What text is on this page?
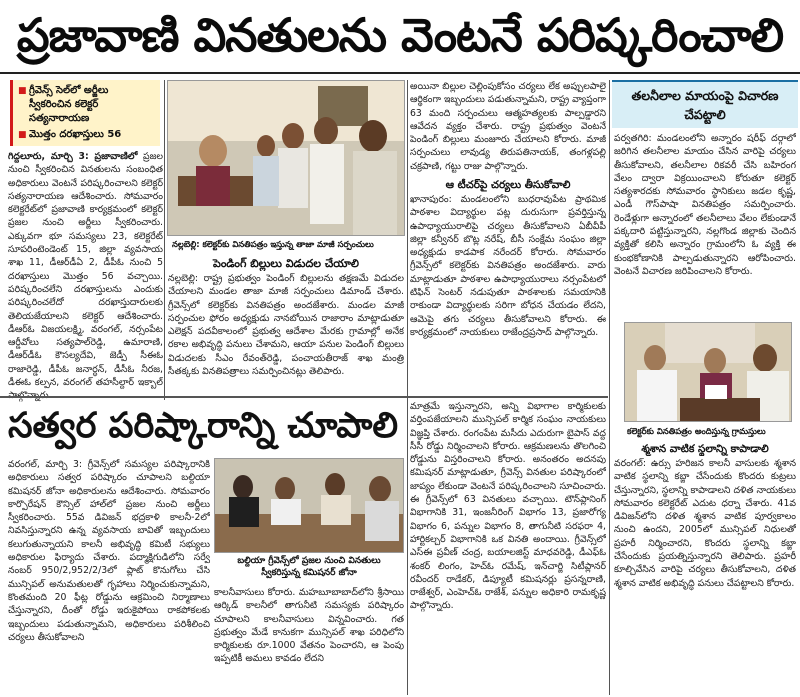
ప్రజావాణి వినతులను వెంటనే పరిష్కరించాలి
■ గ్రీవెన్స్ సెల్‌లో అర్జీలు స్వీకరించిన కలెక్టర్ సత్యనారాయణ
■ మొత్తం దరఖాస్తులు 56
గిద్దలూరు, మార్చి 3: ప్రజావాణిలో ప్రజల నుంచి స్వీకరించిన వినతులను సంబంధిత అధికారులు వెంటనే పరిష్కరించాలని కలెక్టర్ సత్యనారాయణ ఆదేశించారు. సోమవారం కలెక్టరేట్‌లో ప్రజావాణి కార్యక్రమంలో కలెక్టర్ ప్రజల నుంచి అర్జీలు స్వీకరించారు. ఎక్కువగా భూ సమస్యలు 23, కలెక్టరేట్ సూపరింటెండెంట్ 15, జిల్లా వ్యవసాయ శాఖ 11, డీఆర్‌డీఏ 2, డీపీఓ నుంచి 5 దరఖాస్తులు మొత్తం 56 వచ్చాయి. పరిష్కరించలేని దరఖాస్తులను ఎందుకు పరిష్కరించలేదో దరఖాస్తుదారులకు తెలియజేయాలని కలెక్టర్ ఆదేశించారు. డీఆర్‌ఓ విజయలక్ష్మి, వరంగల్, నర్సంపేట ఆర్డీవోలు సత్యపాల్‌రెడ్డి, ఉమారాణి, డీఆర్‌డీఓ కౌసల్యదేవి, జెడ్పీ సీఈఓ రాజారెడ్డి, డీపీఓ జనార్ధన్, డీసీఓ నీరజ, డీఈఓ కల్పన, వరంగల్ తహసీల్దార్ ఇక్బాల్
నల్లబెల్లి: కలెక్టర్‌కు వినతిపత్రం ఇస్తున్న తాజా మాజీ సర్పంచులు
పెండింగ్ బిల్లులు విడుదల చేయాలి
నల్లబెల్లి: రాష్ట్ర ప్రభుత్వం పెండింగ్ బిల్లులను తక్షణమే విడుదల చేయాలని మండల తాజా మాజీ సర్పంచులు డిమాండ్ చేశారు. గ్రీవెన్స్‌లో కలెక్టర్‌కు వినతిపత్రం అందజేశారు. మండల మాజీ సర్పంచుల ఫోరం అధ్యక్షుడు నానబోయిన రాజారాం మాట్లాడుతూ ఎలెక్షన్ పదవీకాలంలో ప్రభుత్వ ఆదేశాల మేరకు గ్రామాల్లో అనేక రకాల అభివృద్ధి పనులు చేశామని, ఆయా పనుల పెండింగ్ బిల్లులు విడుదలకు సీఎం రేవంత్‌రెడ్డి, పంచాయతీరాజ్ శాఖ మంత్రి సీతక్కకు వినతిపత్రాలు సమర్పించినట్లు తెలిపారు.
అయినా బిల్లుల చెల్లింపుకోసం చర్యలు లేక అప్పులపాలై ఆర్థికంగా ఇబ్బందులు పడుతున్నామని, రాష్ట్ర వ్యాప్తంగా 63 మంది సర్పంచులు ఆత్మహత్యలకు పాల్పడ్డారని ఆవేదన వ్యక్తం చేశారు. రాష్ట్ర ప్రభుత్వం వెంటనే పెండింగ్ బిల్లులు మంజూరు చేయాలని కోరారు. మాజీ సర్పంచులు లావుడ్య తిరుపతినాయక్, తంగళ్లపల్లి చక్రపాణి, గట్టు రాజు పాల్గొన్నారు.
ఆ టీచర్‌పై చర్యలు తీసుకోవాలి
ఖానాపురం: మండలంలోని బుధరావుపేట ప్రాథమిక పాఠశాల విద్యార్థుల పట్ల దురుసుగా ప్రవర్తిస్తున్న ఉపాధ్యాయురాలిపై చర్యలు తీసుకోవాలని ఏబీవీపీ జిల్లా కన్వీనర్ బొట్ల నరేష్, బీసీ సంక్షేమ సంఘం జిల్లా అధ్యక్షుడు కాడపాక నరేందర్ కోరారు. సోమవారం గ్రీవెన్స్‌లో కలెక్టర్‌కు వినతిపత్రం అందజేశారు. వారు మాట్లాడుతూ పాఠశాల ఉపాధ్యాయురాలు నర్సంపేటలో టిఫిన్ సెంటర్ నడుపుతూ పాఠశాలకు సమయానికి రాకుండా విద్యార్థులకు సరిగా బోధన చేయడం లేదని, ఆమెపై తగు చర్యలు తీసుకోవాలని కోరారు. ఈ కార్యక్రమంలో నాయకులు రాజేంద్రప్రసాద్ పాల్గొన్నారు.
తలనీలాల మాయంపై విచారణ చేపట్టాలి
పర్వతగిరి: మండలంలోని అన్నారం షరీఫ్ దర్గాలో జరిగిన తలనీలాల మాయం చేసిన వారిపై చర్యలు తీసుకోవాలని, తలనీలాల రికవరీ చేసి బహిరంగ వేలం ద్వారా విక్రయించాలని కోరుతూ కలెక్టర్ సత్యశారదకు సోమవారం స్థానికులు జడల కృష్ణ, ఎండీ గౌస్‌పాషా వినతిపత్రం సమర్పించారు. రెండేళ్లుగా అన్నారంలో తలనీలాలు వేలం లేకుండానే పక్కదారి పట్టిస్తున్నారని, నల్లగొండ జిల్లాకు చెందిన వ్యక్తితో కలిసి అన్నారం గ్రామంలోని ఓ వ్యక్తి ఈ కుంభకోణానికి పాల్పడుతున్నారని ఆరోపించారు. వెంటనే విచారణ జరిపించాలని కోరారు.
కలెక్టర్‌కు వినతిపత్రం అందిస్తున్న గ్రామస్తులు
శ్మశాన వాటిక స్థలాన్ని కాపాడాలి
వరంగల్: ఉర్సు హరిజన కాలనీ వాసులకు శ్మశాన వాటిక స్థలాన్ని కబ్జా చేసేందుకు కొందరు కుట్రలు చేస్తున్నారని, స్థలాన్ని కాపాడాలని దళిత నాయకులు సోమవారం కలెక్టరేట్ ఎదుట ధర్నా చేశారు. 41వ డివిజన్‌లోని దళిత శ్మశాన వాటిక పూర్వకాలం నుంచి ఉందని, 2005లో మున్సిపల్ నిధులతో ప్రహరీ నిర్మించారని, కొందరు స్థలాన్ని కబ్జా చేసేందుకు ప్రయత్నిస్తున్నారని తెలిపారు. ప్రహరీ కూల్చివేసిన వారిపై చర్యలు తీసుకోవాలని, దళిత శ్మశాన వాటిక అభివృద్ధి పనులు చేపట్టాలని కోరారు.
సత్వర పరిష్కారాన్ని చూపాలి
వరంగల్, మార్చి 3: గ్రీవెన్స్‌లో సమస్యల పరిష్కారానికి అధికారులు సత్వర పరిష్కారం చూపాలని బల్దియా కమిషనర్ జోనా అధికారులను ఆదేశించారు. సోమవారం కార్పొరేషన్ కౌన్సిల్ హాల్‌లో ప్రజల నుంచి అర్జీలు స్వీకరించారు. 55వ డివిజన్ భద్రకాళి కాలనీ-2లో నివసిస్తున్నారని ఉన్న వ్యవసాయ బావితో ఇబ్బందులు కలుగుతున్నాయని కాలనీ అభివృద్ధి కమిటీ సభ్యులు అధికారుల ఫిర్యాదు చేశారు. పద్మాక్షిగుడిలోని సర్వే నంబర్ 950/2,952/2/3లో ప్లాట్ కొనుగోలు చేసి మున్సిపల్ అనుమతులతో గృహాలు నిర్మించుకున్నామని, కొంతమంది 20 ఫీట్ల రోడ్డును ఆక్రమించి నిర్మాణాలు చేస్తున్నారని, దీంతో రోడ్డు ఇరుకైపోయి రాకపోకలకు ఇబ్బందులు పడుతున్నామని, అధికారులు పరిశీలించి చర్యలు తీసుకోవాలని
బల్దియా గ్రీవెన్స్‌లో ప్రజల నుంచి వినతులు స్వీకరిస్తున్న కమిషనర్ జోనా
కాలనీవాసులు కోరారు. మహబూబాబాద్‌లోని శ్రీసాయి ఆర్కిడ్ కాలనీలో తాగునీటి సమస్యకు పరిష్కారం చూపాలని కాలనీవాసులు విన్నవించారు. గత ప్రభుత్వం మేడే కానుకగా మున్సిపల్ శాఖ పరిధిలోని కార్మికులకు రూ.1000 వేతనం పెంచారని, ఆ పెంపు ఇప్పటికీ అమలు కావడం లేదని
మాత్రమే ఇస్తున్నారని, అన్ని విభాగాల కార్మికులకు వర్తింపజేయాలని మున్సిపల్ కార్మిక సంఘం నాయకులు విజ్ఞప్తి చేశారు. రంగంపేట మసీదు ఎదురుగా బైపాస్ వద్ద సీసీ రోడ్డు నిర్మించాలని కోరారు. ఆక్రమణలను తొలగించి రోడ్డును విస్తరించాలని కోరారు. అనంతరం అదనపు కమిషనర్ మాట్లాడుతూ, గ్రీవెన్స్ వినతుల పరిష్కారంలో జాప్యం లేకుండా వెంటనే పరిష్కరించాలని సూచించారు. ఈ గ్రీవెన్స్‌లో 63 వినతులు వచ్చాయి. టౌన్‌ప్లానింగ్ విభాగానికి 31, ఇంజనీరింగ్ విభాగం 13, ప్రజారోగ్య విభాగం 6, పన్నుల విభాగం 8, తాగునీటి సరఫరా 4, హార్టికల్చర్ విభాగానికి ఒక వినతి అందాయి. గ్రీవెన్స్‌లో ఎస్‌ఈ ప్రవీణ్ చంద్ర, బయాలజిస్ట్ మాధవరెడ్డి, డీఎఫ్‌ఓ శంకర్ లింగం, హెచ్‌ఓ రమేష్, ఇన్‌చార్జి సిటీప్లానర్ రవీందర్ రాడేకర్, డిప్యూటీ కమిషనర్లు ప్రసన్నరాణి, రాజేశ్వర్, ఎంహెచ్‌ఓ రాజేశ్, పన్నుల అధికారి రామకృష్ణ పాల్గొన్నారు.
